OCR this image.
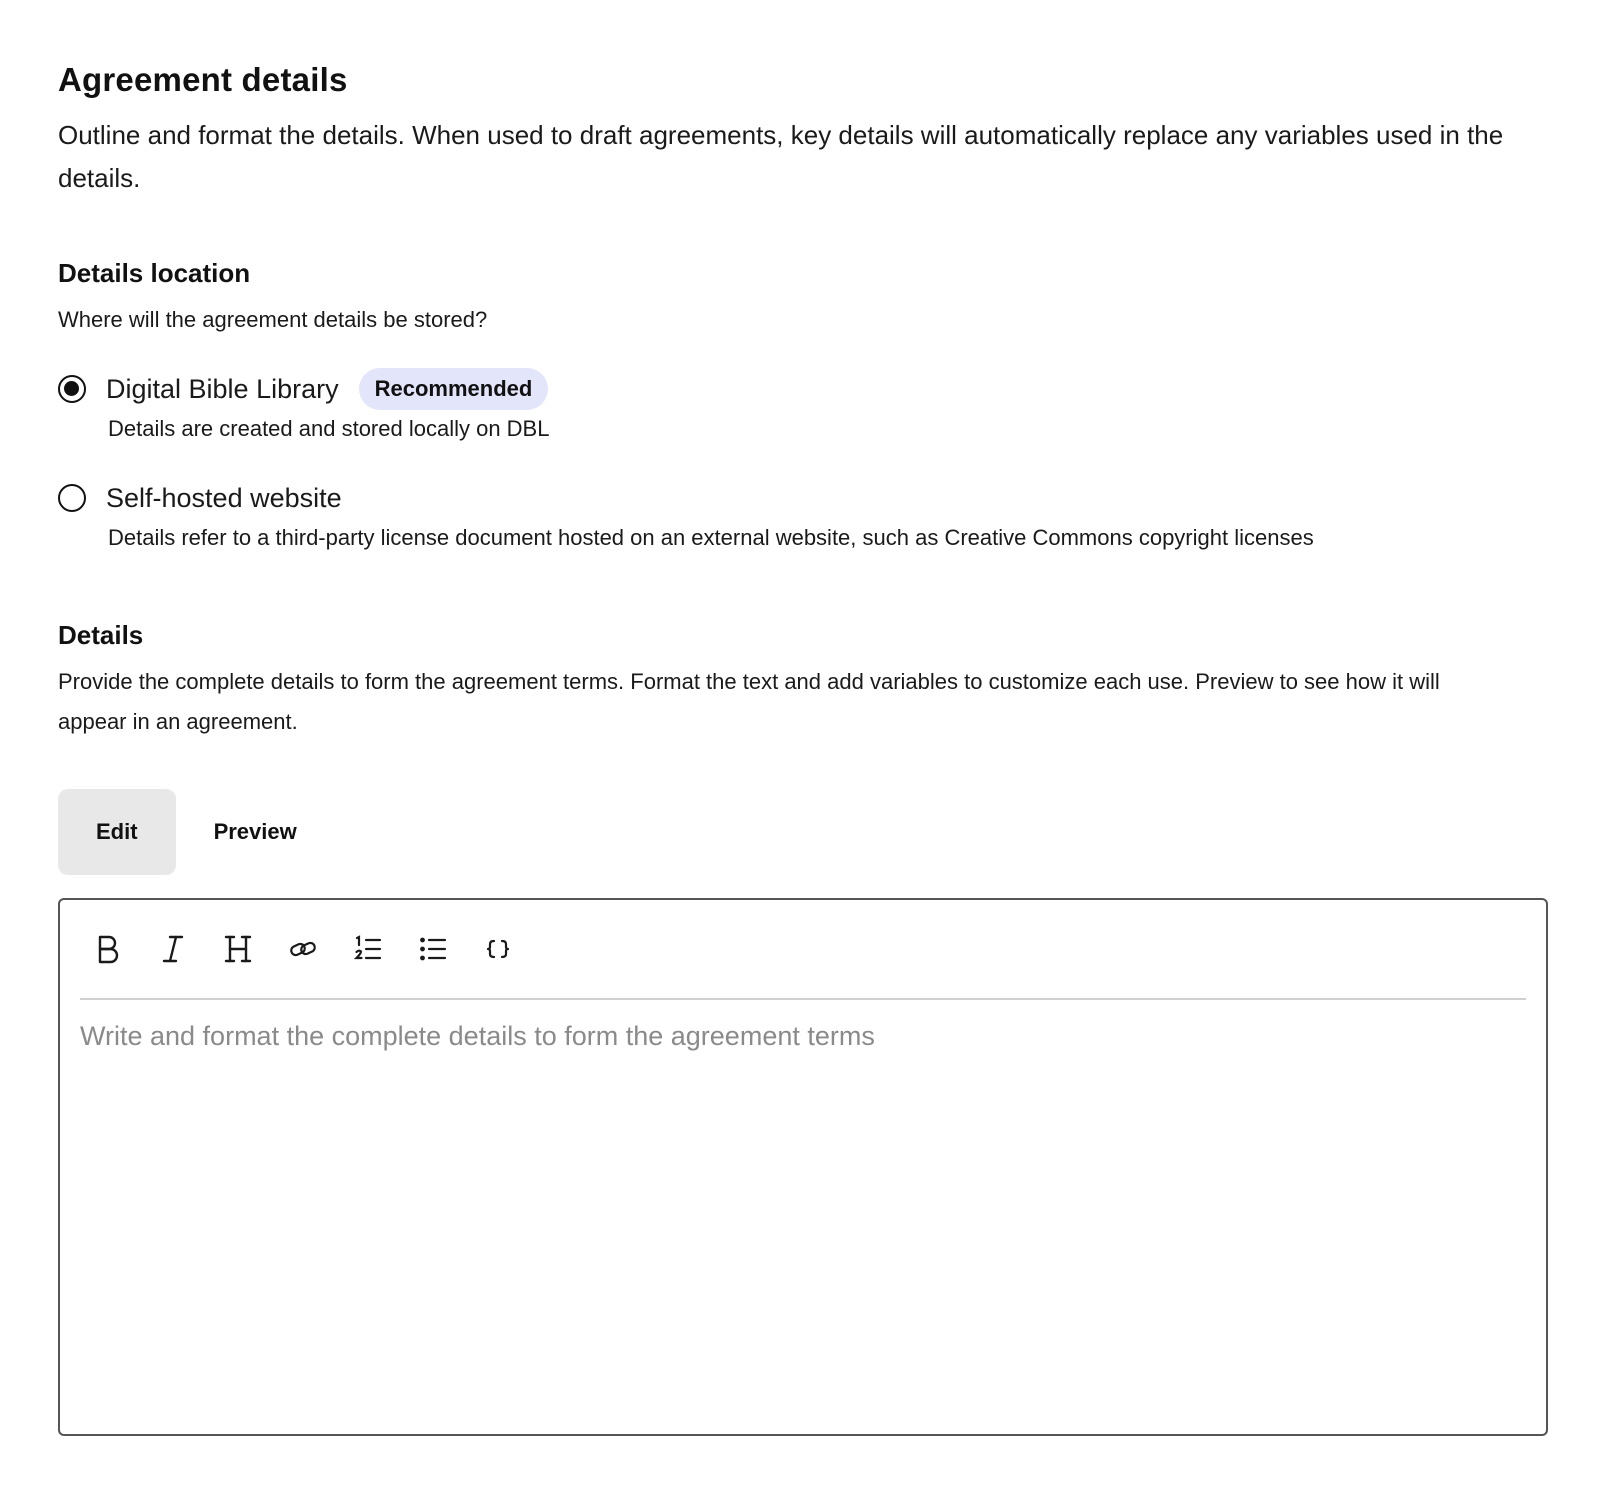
Agreement details

Outline and format the details. When used to draft agreements, key details will automatically replace any variables used in the details.

Details location

Where will the agreement details be stored?

Digital Bible Library	Recommended

Details are created and stored locally on DBL

Self-hosted website

Details refer to a third-party license document hosted on an external website, such as Creative Commons copyright licenses

Details

Provide the complete details to form the agreement terms. Format the text and add variables to customize each use. Preview to see how it will appear in an agreement.

Edit	Preview
Write and format the complete details to form the agreement terms
